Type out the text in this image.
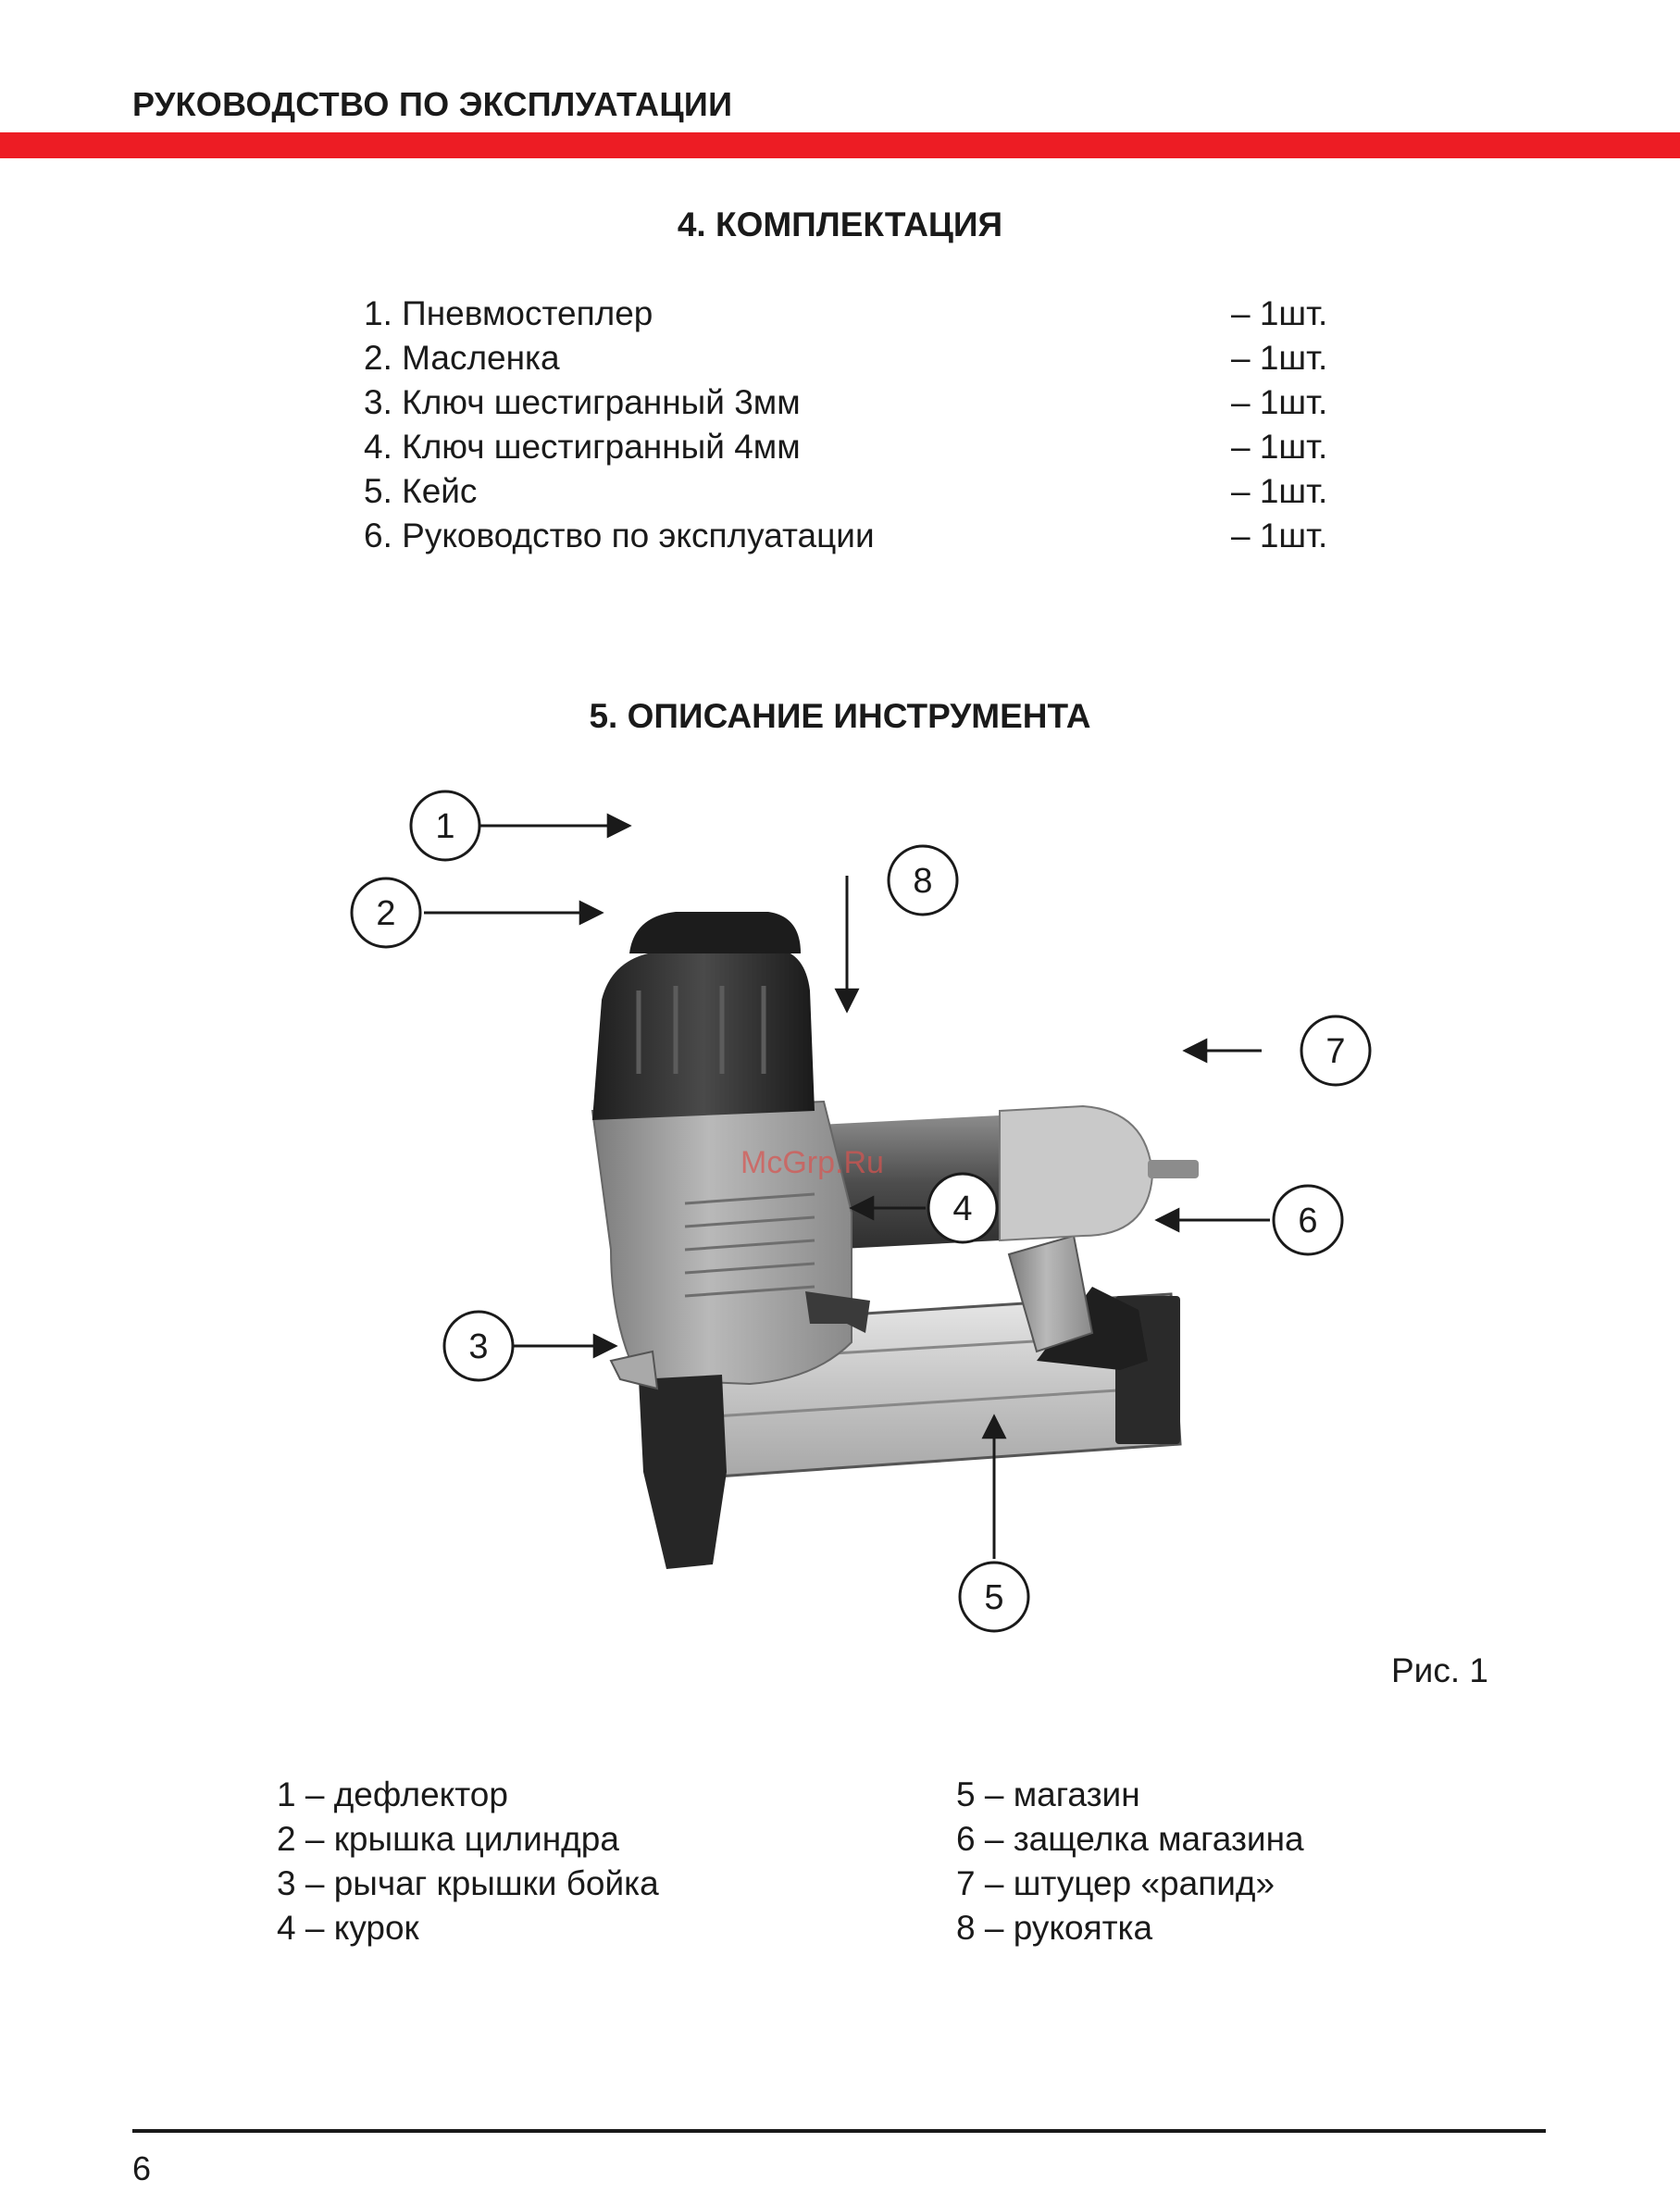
РУКОВОДСТВО ПО ЭКСПЛУАТАЦИИ
4. КОМПЛЕКТАЦИЯ
1. Пневмостеплер	– 1шт.
2. Масленка	– 1шт.
3. Ключ шестигранный 3мм	– 1шт.
4. Ключ шестигранный 4мм	– 1шт.
5. Кейс	– 1шт.
6. Руководство по эксплуатации	– 1шт.
5. ОПИСАНИЕ ИНСТРУМЕНТА
McGrp.Ru
1
2
3
4
5
6
7
8
Рис. 1
1 – дефлектор
2 – крышка цилиндра
3 – рычаг крышки бойка
4 – курок
5 – магазин
6 – защелка магазина
7 – штуцер «рапид»
8 – рукоятка
6
